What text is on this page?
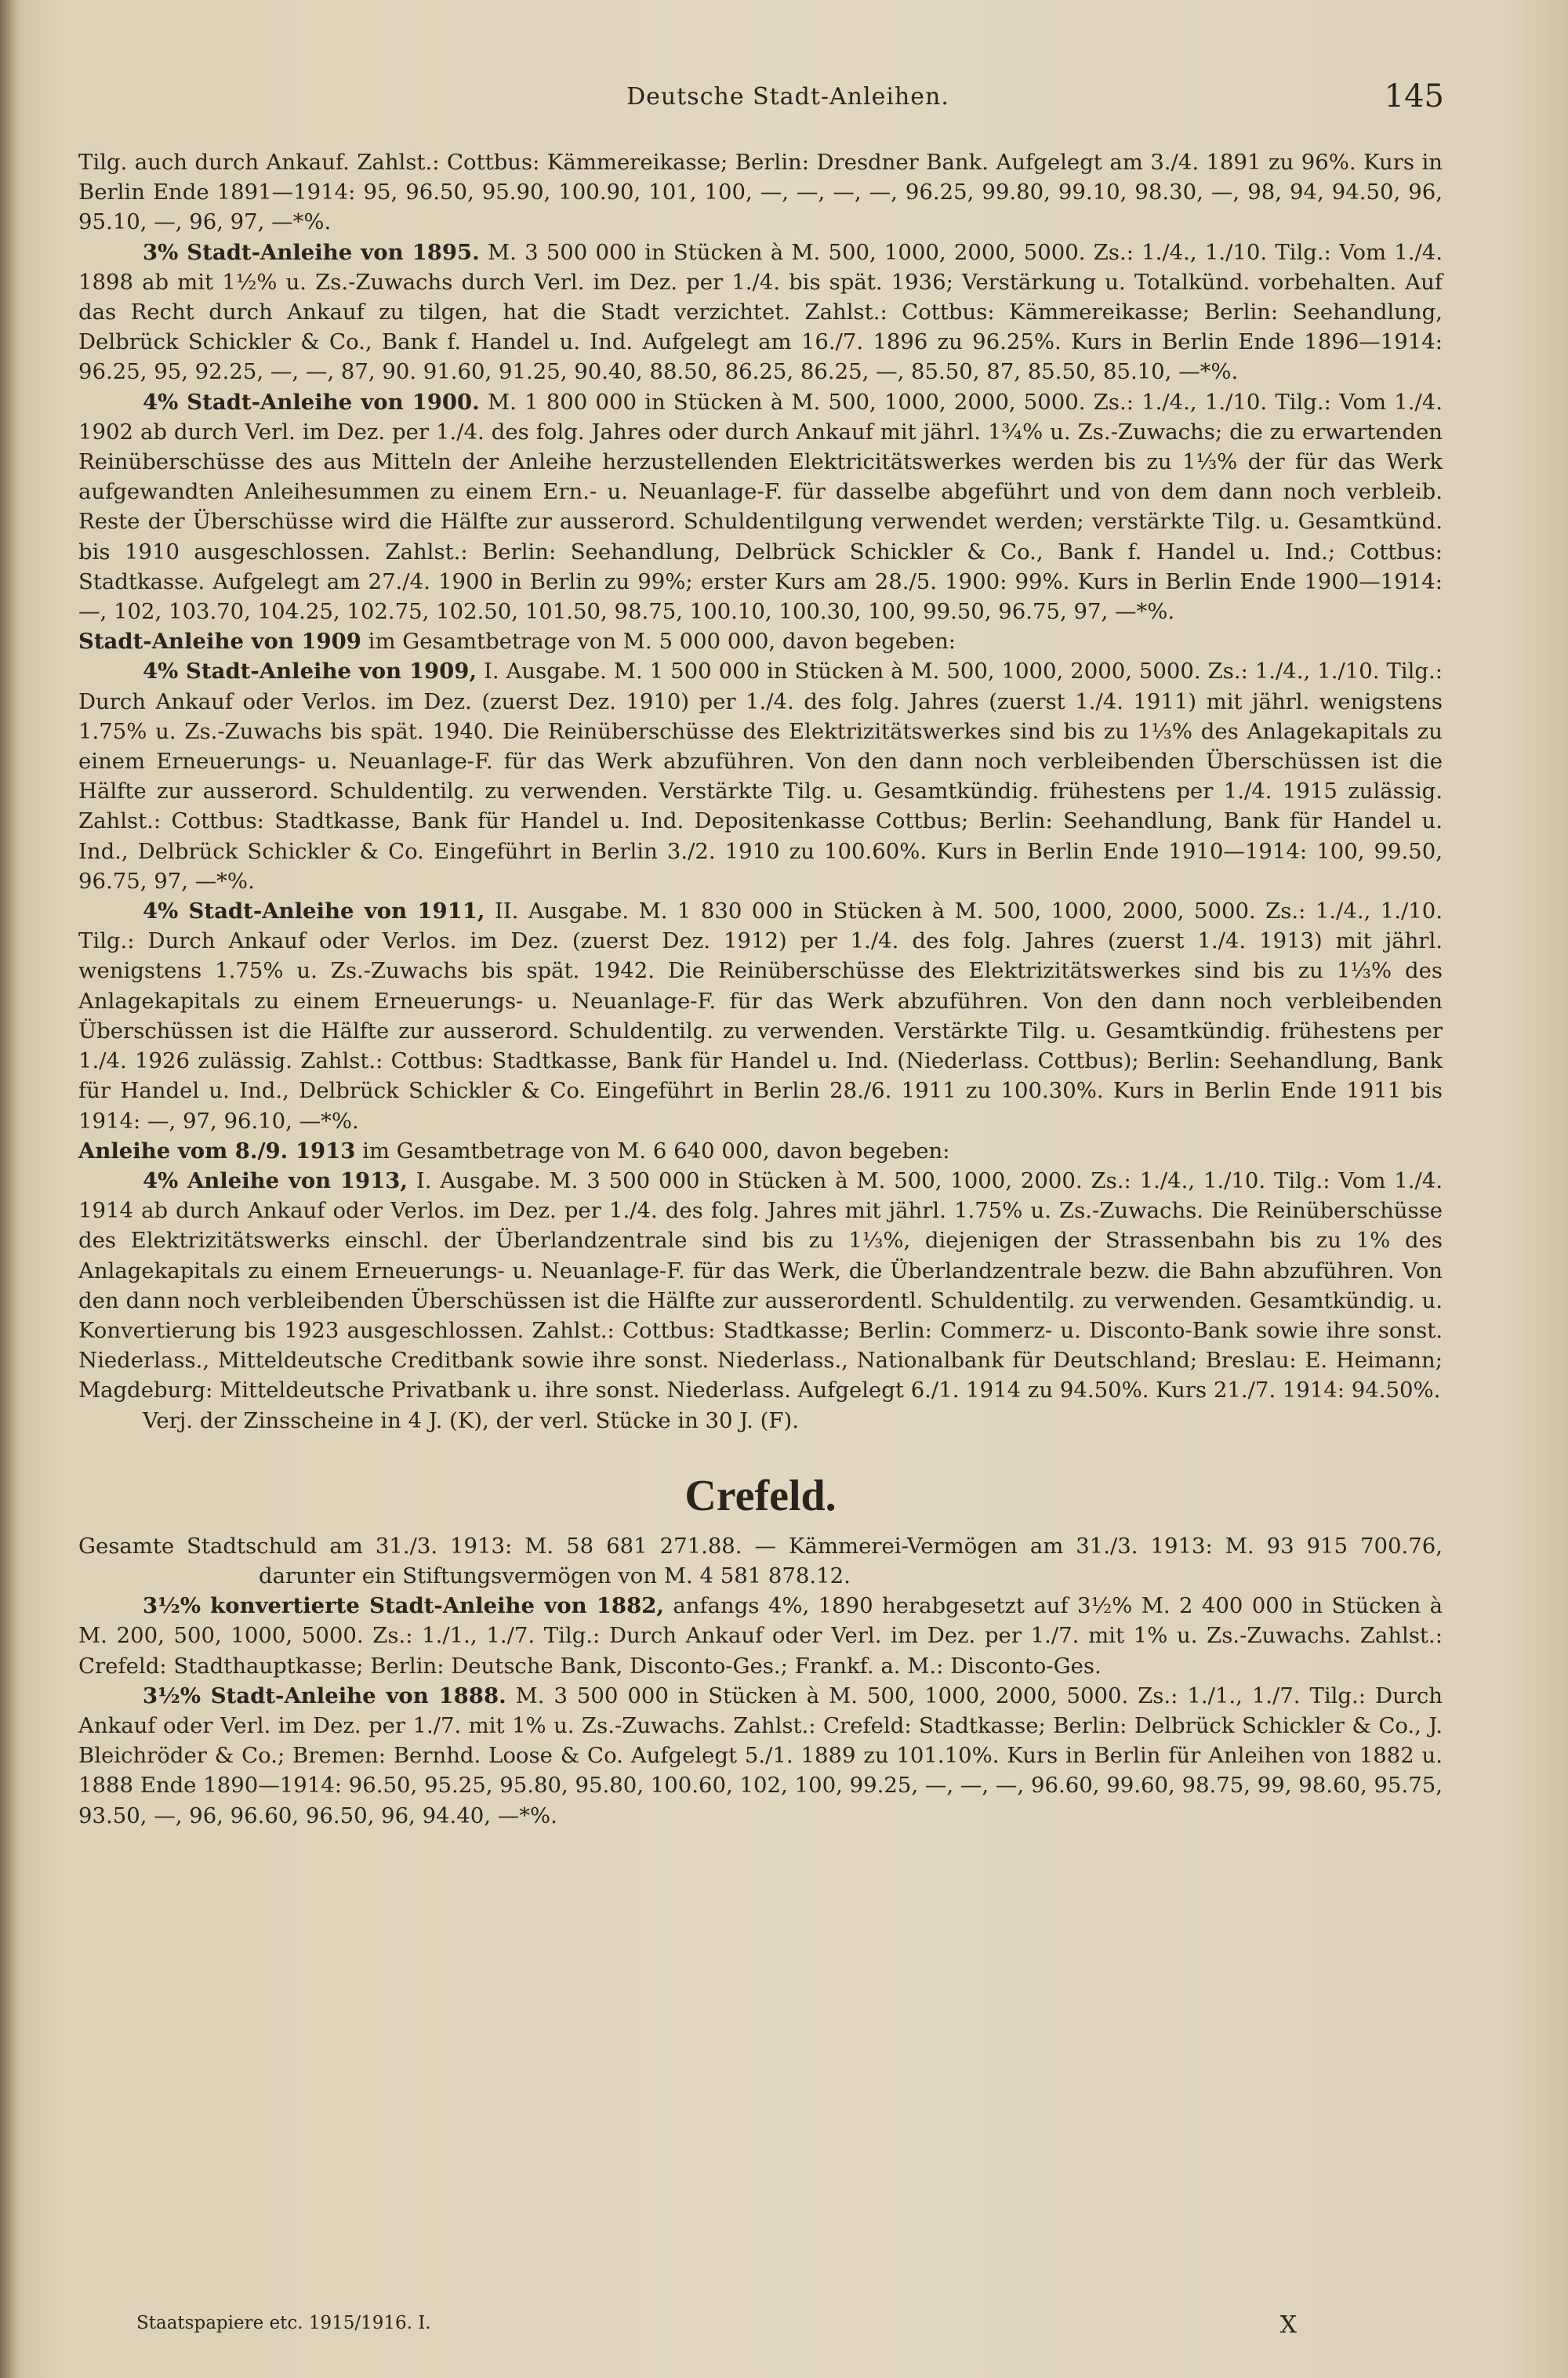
Deutsche Stadt-Anleihen.	145

Tilg. auch durch Ankauf. Zahlst.: Cottbus: Kämmereikasse; Berlin: Dresdner Bank. Aufgelegt am 3./4. 1891 zu 96%. Kurs in Berlin Ende 1891—1914: 95, 96.50, 95.90, 100.90, 101, 100, —, —, —, —, 96.25, 99.80, 99.10, 98.30, —, 98, 94, 94.50, 96, 95.10, —, 96, 97, —*%.

3% Stadt-Anleihe von 1895. M. 3 500 000 in Stücken à M. 500, 1000, 2000, 5000. Zs.: 1./4., 1./10. Tilg.: Vom 1./4. 1898 ab mit 1½% u. Zs.-Zuwachs durch Verl. im Dez. per 1./4. bis spät. 1936; Verstärkung u. Totalkünd. vorbehalten. Auf das Recht durch Ankauf zu tilgen, hat die Stadt verzichtet. Zahlst.: Cottbus: Kämmereikasse; Berlin: Seehandlung, Delbrück Schickler & Co., Bank f. Handel u. Ind. Aufgelegt am 16./7. 1896 zu 96.25%. Kurs in Berlin Ende 1896—1914: 96.25, 95, 92.25, —, —, 87, 90. 91.60, 91.25, 90.40, 88.50, 86.25, 86.25, —, 85.50, 87, 85.50, 85.10, —*%.

4% Stadt-Anleihe von 1900. M. 1 800 000 in Stücken à M. 500, 1000, 2000, 5000. Zs.: 1./4., 1./10. Tilg.: Vom 1./4. 1902 ab durch Verl. im Dez. per 1./4. des folg. Jahres oder durch Ankauf mit jährl. 1¾% u. Zs.-Zuwachs; die zu erwartenden Reinüberschüsse des aus Mitteln der Anleihe herzustellenden Elektricitätswerkes werden bis zu 1⅓% der für das Werk aufgewandten Anleihesummen zu einem Ern.- u. Neuanlage-F. für dasselbe abgeführt und von dem dann noch verbleib. Reste der Überschüsse wird die Hälfte zur ausserord. Schuldentilgung verwendet werden; verstärkte Tilg. u. Gesamtkünd. bis 1910 ausgeschlossen. Zahlst.: Berlin: Seehandlung, Delbrück Schickler & Co., Bank f. Handel u. Ind.; Cottbus: Stadtkasse. Aufgelegt am 27./4. 1900 in Berlin zu 99%; erster Kurs am 28./5. 1900: 99%. Kurs in Berlin Ende 1900—1914: —, 102, 103.70, 104.25, 102.75, 102.50, 101.50, 98.75, 100.10, 100.30, 100, 99.50, 96.75, 97, —*%.

Stadt-Anleihe von 1909 im Gesamtbetrage von M. 5 000 000, davon begeben:

4% Stadt-Anleihe von 1909, I. Ausgabe. M. 1 500 000 in Stücken à M. 500, 1000, 2000, 5000. Zs.: 1./4., 1./10. Tilg.: Durch Ankauf oder Verlos. im Dez. (zuerst Dez. 1910) per 1./4. des folg. Jahres (zuerst 1./4. 1911) mit jährl. wenigstens 1.75% u. Zs.-Zuwachs bis spät. 1940. Die Reinüberschüsse des Elektrizitätswerkes sind bis zu 1⅓% des Anlagekapitals zu einem Erneuerungs- u. Neuanlage-F. für das Werk abzuführen. Von den dann noch verbleibenden Überschüssen ist die Hälfte zur ausserord. Schuldentilg. zu verwenden. Verstärkte Tilg. u. Gesamtkündig. frühestens per 1./4. 1915 zulässig. Zahlst.: Cottbus: Stadtkasse, Bank für Handel u. Ind. Depositenkasse Cottbus; Berlin: Seehandlung, Bank für Handel u. Ind., Delbrück Schickler & Co. Eingeführt in Berlin 3./2. 1910 zu 100.60%. Kurs in Berlin Ende 1910—1914: 100, 99.50, 96.75, 97, —*%.

4% Stadt-Anleihe von 1911, II. Ausgabe. M. 1 830 000 in Stücken à M. 500, 1000, 2000, 5000. Zs.: 1./4., 1./10. Tilg.: Durch Ankauf oder Verlos. im Dez. (zuerst Dez. 1912) per 1./4. des folg. Jahres (zuerst 1./4. 1913) mit jährl. wenigstens 1.75% u. Zs.-Zuwachs bis spät. 1942. Die Reinüberschüsse des Elektrizitätswerkes sind bis zu 1⅓% des Anlagekapitals zu einem Erneuerungs- u. Neuanlage-F. für das Werk abzuführen. Von den dann noch verbleibenden Überschüssen ist die Hälfte zur ausserord. Schuldentilg. zu verwenden. Verstärkte Tilg. u. Gesamtkündig. frühestens per 1./4. 1926 zulässig. Zahlst.: Cottbus: Stadtkasse, Bank für Handel u. Ind. (Niederlass. Cottbus); Berlin: Seehandlung, Bank für Handel u. Ind., Delbrück Schickler & Co. Eingeführt in Berlin 28./6. 1911 zu 100.30%. Kurs in Berlin Ende 1911 bis 1914: —, 97, 96.10, —*%.

Anleihe vom 8./9. 1913 im Gesamtbetrage von M. 6 640 000, davon begeben:

4% Anleihe von 1913, I. Ausgabe. M. 3 500 000 in Stücken à M. 500, 1000, 2000. Zs.: 1./4., 1./10. Tilg.: Vom 1./4. 1914 ab durch Ankauf oder Verlos. im Dez. per 1./4. des folg. Jahres mit jährl. 1.75% u. Zs.-Zuwachs. Die Reinüberschüsse des Elektrizitätswerks einschl. der Überlandzentrale sind bis zu 1⅓%, diejenigen der Strassenbahn bis zu 1% des Anlagekapitals zu einem Erneuerungs- u. Neuanlage-F. für das Werk, die Überlandzentrale bezw. die Bahn abzuführen. Von den dann noch verbleibenden Überschüssen ist die Hälfte zur ausserordentl. Schuldentilg. zu verwenden. Gesamtkündig. u. Konvertierung bis 1923 ausgeschlossen. Zahlst.: Cottbus: Stadtkasse; Berlin: Commerz- u. Disconto-Bank sowie ihre sonst. Niederlass., Mitteldeutsche Creditbank sowie ihre sonst. Niederlass., Nationalbank für Deutschland; Breslau: E. Heimann; Magdeburg: Mitteldeutsche Privatbank u. ihre sonst. Niederlass. Aufgelegt 6./1. 1914 zu 94.50%. Kurs 21./7. 1914: 94.50%.

Verj. der Zinsscheine in 4 J. (K), der verl. Stücke in 30 J. (F).

Crefeld.

Gesamte Stadtschuld am 31./3. 1913: M. 58 681 271.88. — Kämmerei-Vermögen am 31./3. 1913: M. 93 915 700.76, darunter ein Stiftungsvermögen von M. 4 581 878.12.

3½% konvertierte Stadt-Anleihe von 1882, anfangs 4%, 1890 herabgesetzt auf 3½% M. 2 400 000 in Stücken à M. 200, 500, 1000, 5000. Zs.: 1./1., 1./7. Tilg.: Durch Ankauf oder Verl. im Dez. per 1./7. mit 1% u. Zs.-Zuwachs. Zahlst.: Crefeld: Stadthauptkasse; Berlin: Deutsche Bank, Disconto-Ges.; Frankf. a. M.: Disconto-Ges.

3½% Stadt-Anleihe von 1888. M. 3 500 000 in Stücken à M. 500, 1000, 2000, 5000. Zs.: 1./1., 1./7. Tilg.: Durch Ankauf oder Verl. im Dez. per 1./7. mit 1% u. Zs.-Zuwachs. Zahlst.: Crefeld: Stadtkasse; Berlin: Delbrück Schickler & Co., J. Bleichröder & Co.; Bremen: Bernhd. Loose & Co. Aufgelegt 5./1. 1889 zu 101.10%. Kurs in Berlin für Anleihen von 1882 u. 1888 Ende 1890—1914: 96.50, 95.25, 95.80, 95.80, 100.60, 102, 100, 99.25, —, —, —, 96.60, 99.60, 98.75, 99, 98.60, 95.75, 93.50, —, 96, 96.60, 96.50, 96, 94.40, —*%.

Staatspapiere etc. 1915/1916. I.	X
